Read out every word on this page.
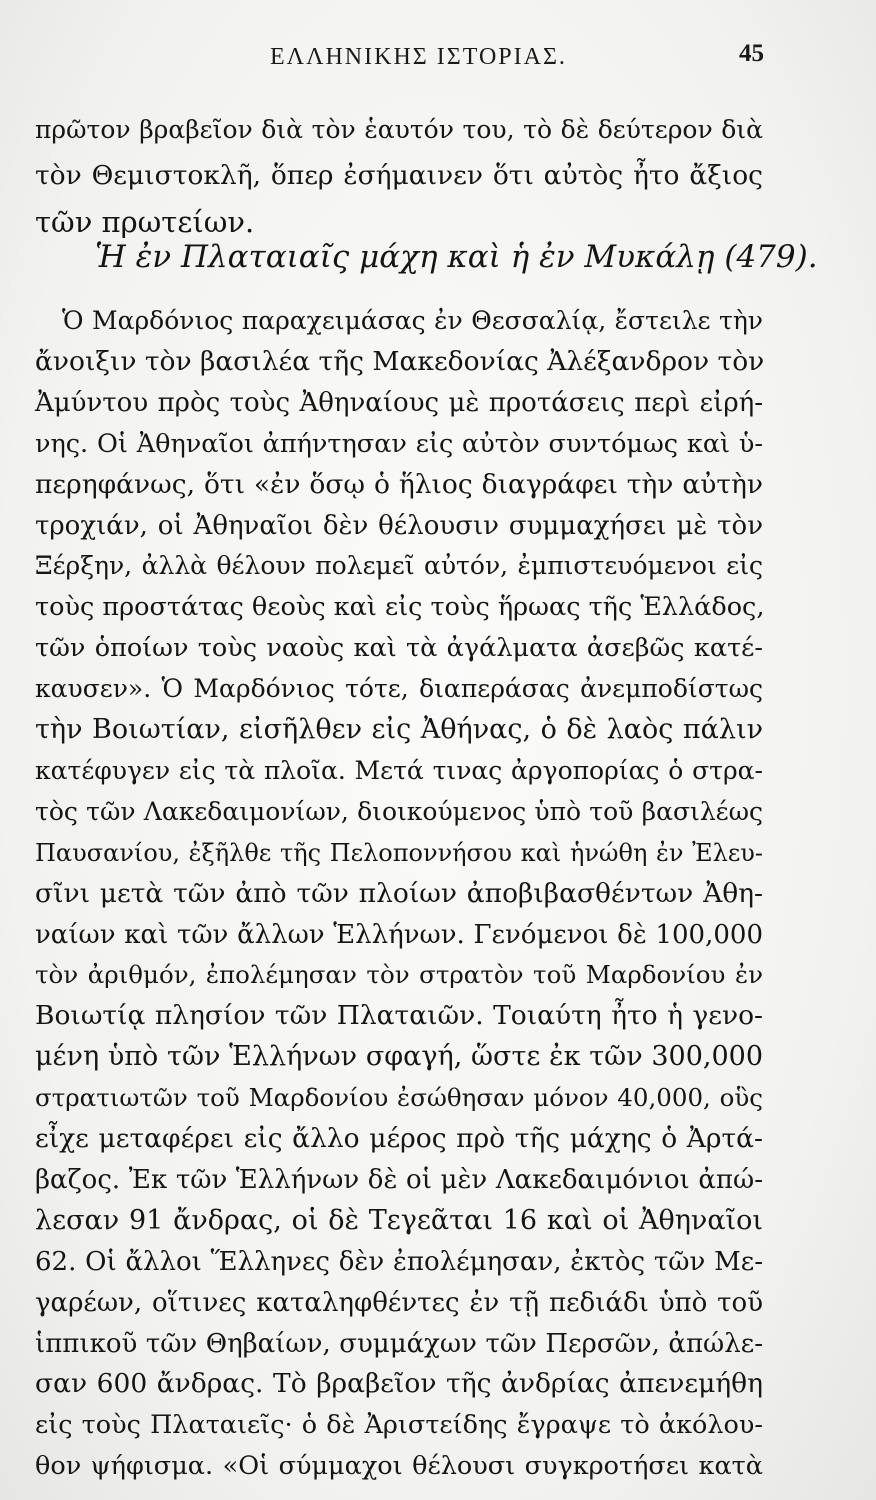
ΕΛΛΗΝΙΚΗΣ ΙΣΤΟΡΙΑΣ.	45
πρῶτον βραβεῖον διὰ τὸν ἑαυτόν του, τὸ δὲ δεύτερον διὰ
τὸν Θεμιστοκλῆ, ὅπερ ἐσήμαινεν ὅτι αὐτὸς ἦτο ἄξιος
τῶν πρωτείων.
Ἡ ἐν Πλαταιαῖς μάχη καὶ ἡ ἐν Μυκάλῃ (479).
Ὁ Μαρδόνιος παραχειμάσας ἐν Θεσσαλίᾳ, ἔστειλε τὴν
ἄνοιξιν τὸν βασιλέα τῆς Μακεδονίας Ἀλέξανδρον τὸν
Ἀμύντου πρὸς τοὺς Ἀθηναίους μὲ προτάσεις περὶ εἰρή-
νης. Οἱ Ἀθηναῖοι ἀπήντησαν εἰς αὐτὸν συντόμως καὶ ὑ-
περηφάνως, ὅτι «ἐν ὅσῳ ὁ ἥλιος διαγράφει τὴν αὐτὴν
τροχιάν, οἱ Ἀθηναῖοι δὲν θέλουσιν συμμαχήσει μὲ τὸν
Ξέρξην, ἀλλὰ θέλουν πολεμεῖ αὐτόν, ἐμπιστευόμενοι εἰς
τοὺς προστάτας θεοὺς καὶ εἰς τοὺς ἥρωας τῆς Ἑλλάδος,
τῶν ὁποίων τοὺς ναοὺς καὶ τὰ ἀγάλματα ἀσεβῶς κατέ-
καυσεν». Ὁ Μαρδόνιος τότε, διαπεράσας ἀνεμποδίστως
τὴν Βοιωτίαν, εἰσῆλθεν εἰς Ἀθήνας, ὁ δὲ λαὸς πάλιν
κατέφυγεν εἰς τὰ πλοῖα. Μετά τινας ἀργοπορίας ὁ στρα-
τὸς τῶν Λακεδαιμονίων, διοικούμενος ὑπὸ τοῦ βασιλέως
Παυσανίου, ἐξῆλθε τῆς Πελοποννήσου καὶ ἡνώθη ἐν Ἐλευ-
σῖνι μετὰ τῶν ἀπὸ τῶν πλοίων ἀποβιβασθέντων Ἀθη-
ναίων καὶ τῶν ἄλλων Ἑλλήνων. Γενόμενοι δὲ 100,000
τὸν ἀριθμόν, ἐπολέμησαν τὸν στρατὸν τοῦ Μαρδονίου ἐν
Βοιωτίᾳ πλησίον τῶν Πλαταιῶν. Τοιαύτη ἦτο ἡ γενο-
μένη ὑπὸ τῶν Ἑλλήνων σφαγή, ὥστε ἐκ τῶν 300,000
στρατιωτῶν τοῦ Μαρδονίου ἐσώθησαν μόνον 40,000, οὓς
εἶχε μεταφέρει εἰς ἄλλο μέρος πρὸ τῆς μάχης ὁ Ἀρτά-
βαζος. Ἐκ τῶν Ἑλλήνων δὲ οἱ μὲν Λακεδαιμόνιοι ἀπώ-
λεσαν 91 ἄνδρας, οἱ δὲ Τεγεᾶται 16 καὶ οἱ Ἀθηναῖοι
62. Οἱ ἄλλοι Ἕλληνες δὲν ἐπολέμησαν, ἐκτὸς τῶν Με-
γαρέων, οἵτινες καταληφθέντες ἐν τῇ πεδιάδι ὑπὸ τοῦ
ἱππικοῦ τῶν Θηβαίων, συμμάχων τῶν Περσῶν, ἀπώλε-
σαν 600 ἄνδρας. Τὸ βραβεῖον τῆς ἀνδρίας ἀπενεμήθη
εἰς τοὺς Πλαταιεῖς· ὁ δὲ Ἀριστείδης ἔγραψε τὸ ἀκόλου-
θον ψήφισμα. «Οἱ σύμμαχοι θέλουσι συγκροτήσει κατὰ
